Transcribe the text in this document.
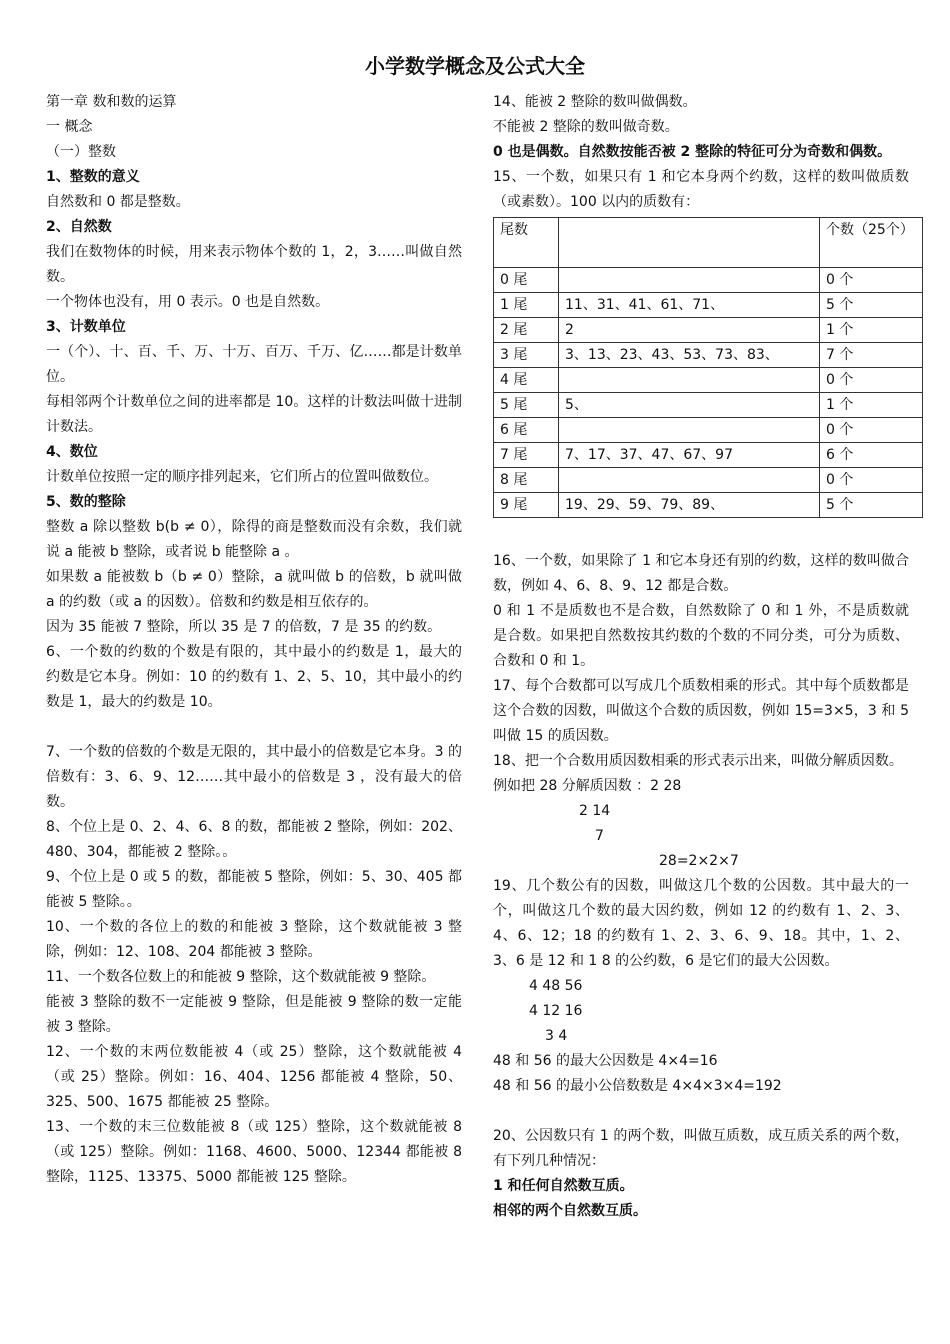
小学数学概念及公式大全

第一章 数和数的运算

一 概念

（一）整数

1、整数的意义

自然数和 0 都是整数。

2、自然数

我们在数物体的时候，用来表示物体个数的 1，2，3……叫做自然数。

一个物体也没有，用 0 表示。0 也是自然数。

3、计数单位

一（个）、十、百、千、万、十万、百万、千万、亿……都是计数单位。

每相邻两个计数单位之间的进率都是 10。这样的计数法叫做十进制计数法。

4、数位

计数单位按照一定的顺序排列起来，它们所占的位置叫做数位。

5、数的整除

整数 a 除以整数 b(b ≠ 0），除得的商是整数而没有余数，我们就说 a 能被 b 整除，或者说 b 能整除 a 。

如果数 a 能被数 b（b ≠ 0）整除，a 就叫做 b 的倍数，b 就叫做 a 的约数（或 a 的因数）。倍数和约数是相互依存的。

因为 35 能被 7 整除，所以 35 是 7 的倍数，7 是 35 的约数。

6、一个数的约数的个数是有限的，其中最小的约数是 1，最大的 约数是它本身。例如：10 的约数有 1、2、5、10，其中最小的约数是 1，最大的约数是 10。

7、一个数的倍数的个数是无限的，其中最小的倍数是它本身。3 的倍数有：3、6、9、12……其中最小的倍数是 3 ，没有最大的倍数。

8、个位上是 0、2、4、6、8 的数，都能被 2 整除，例如：202、480、304，都能被 2 整除。。

9、个位上是 0 或 5 的数，都能被 5 整除，例如：5、30、405 都能被 5 整除。。

10、一个数的各位上的数的和能被 3 整除，这个数就能被 3 整除，例如：12、108、204 都能被 3 整除。

11、一个数各位数上的和能被 9 整除，这个数就能被 9 整除。

能被 3 整除的数不一定能被 9 整除，但是能被 9 整除的数一定能被 3 整除。

12、一个数的末两位数能被 4（或 25）整除，这个数就能被 4（或 25）整除。例如：16、404、1256 都能被 4 整除，50、325、500、1675 都能被 25 整除。

13、一个数的末三位数能被 8（或 125）整除，这个数就能被 8（或 125）整除。例如：1168、4600、5000、12344 都能被 8 整除，1125、13375、5000 都能被 125 整除。

14、能被 2 整除的数叫做偶数。

不能被 2 整除的数叫做奇数。

0 也是偶数。自然数按能否被 2 整除的特征可分为奇数和偶数。

15、一个数，如果只有 1 和它本身两个约数，这样的数叫做质数（或素数）。100 以内的质数有：

尾数		个数（25个）
0 尾		0 个
1 尾	11、31、41、61、71、	5 个
2 尾	2	1 个
3 尾	3、13、23、43、53、73、83、	7 个
4 尾		0 个
5 尾	5、	1 个
6 尾		0 个
7 尾	7、17、37、47、67、97	6 个
8 尾		0 个
9 尾	19、29、59、79、89、	5 个

16、一个数，如果除了 1 和它本身还有别的约数，这样的数叫做合数，例如 4、6、8、9、12 都是合数。

0 和 1 不是质数也不是合数，自然数除了 0 和 1 外，不是质数就是合数。如果把自然数按其约数的个数的不同分类，可分为质数、合数和 0 和 1。

17、每个合数都可以写成几个质数相乘的形式。其中每个质数都是这个合数的因数，叫做这个合数的质因数，例如 15=3×5，3 和 5 叫做 15 的质因数。

18、把一个合数用质因数相乘的形式表示出来，叫做分解质因数。

例如把 28 分解质因数 ：2 28

2 14

7

28=2×2×7

19、几个数公有的因数，叫做这几个数的公因数。其中最大的一个，叫做这几个数的最大因约数，例如 12 的约数有 1、2、3、4、6、12；18 的约数有 1、2、3、6、9、18。其中，1、2、3、6 是 12 和 1 8 的公约数，6 是它们的最大公因数。

4 48 56

4 12 16

3 4

48 和 56 的最大公因数是 4×4=16

48 和 56 的最小公倍数数是 4×4×3×4=192

20、公因数只有 1 的两个数，叫做互质数，成互质关系的两个数，有下列几种情况：

1 和任何自然数互质。

相邻的两个自然数互质。
